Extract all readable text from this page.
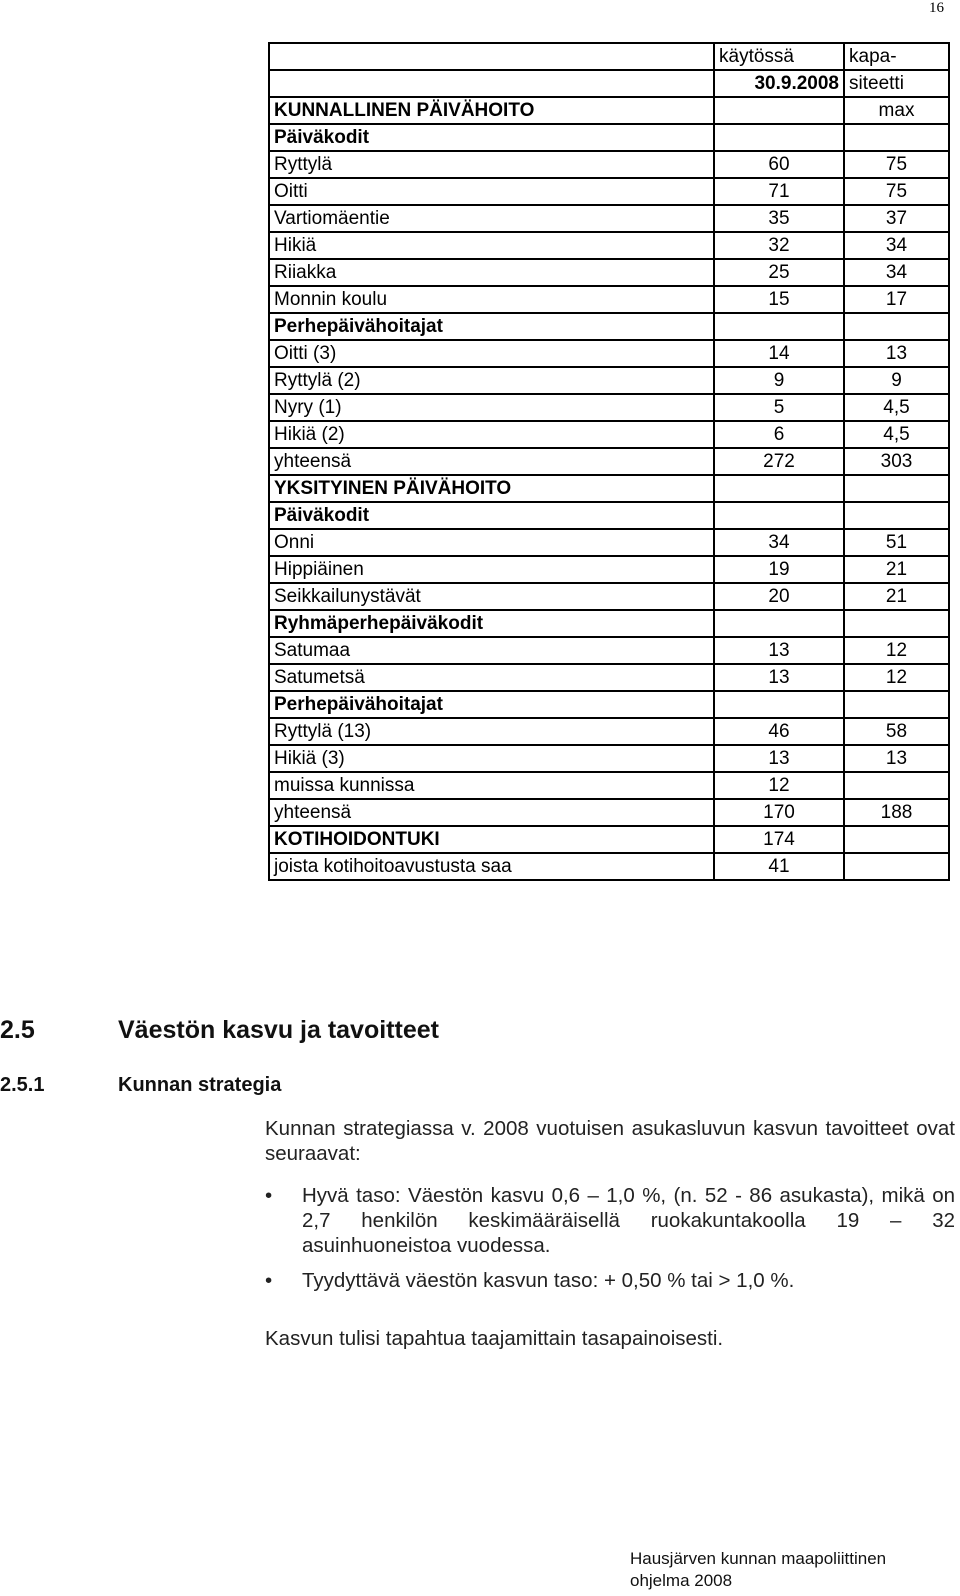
16
	käytössä	kapa-
	30.9.2008	siteetti
KUNNALLINEN PÄIVÄHOITO		max
Päiväkodit		
Ryttylä	60	75
Oitti	71	75
Vartiomäentie	35	37
Hikiä	32	34
Riiakka	25	34
Monnin koulu	15	17
Perhepäivähoitajat		
Oitti (3)	14	13
Ryttylä (2)	9	9
Nyry (1)	5	4,5
Hikiä (2)	6	4,5
yhteensä	272	303
YKSITYINEN PÄIVÄHOITO		
Päiväkodit		
Onni	34	51
Hippiäinen	19	21
Seikkailunystävät	20	21
Ryhmäperhepäiväkodit		
Satumaa	13	12
Satumetsä	13	12
Perhepäivähoitajat		
Ryttylä (13)	46	58
Hikiä (3)	13	13
muissa kunnissa	12	
yhteensä	170	188
KOTIHOIDONTUKI	174	
joista kotihoitoavustusta saa	41	
2.5	Väestön kasvu ja tavoitteet
2.5.1	Kunnan strategia
Kunnan strategiassa v. 2008 vuotuisen asukasluvun kasvun tavoitteet ovat seuraavat:
• Hyvä taso: Väestön kasvu 0,6 – 1,0 %, (n. 52 - 86 asukasta), mikä on 2,7 henkilön keskimääräisellä ruokakuntakoolla 19 – 32 asuinhuoneistoa vuodessa.
• Tyydyttävä väestön kasvun taso: + 0,50 % tai > 1,0 %.
Kasvun tulisi tapahtua taajamittain tasapainoisesti.
Hausjärven kunnan maapoliittinen
ohjelma 2008
